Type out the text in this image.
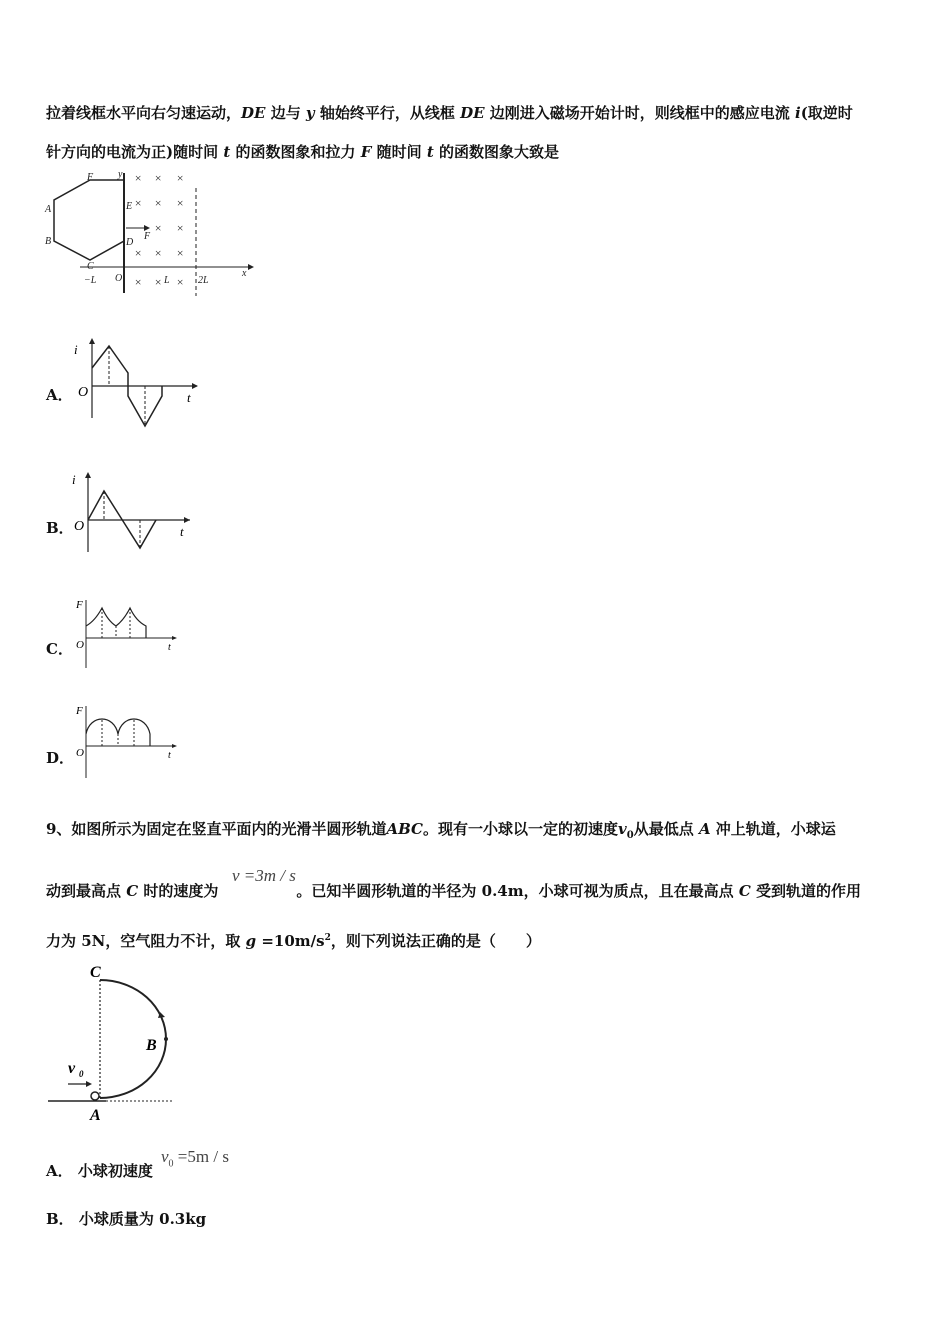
拉着线框水平向右匀速运动，DE 边与 y 轴始终平行，从线框 DE 边刚进入磁场开始计时，则线框中的感应电流 i(取逆时
针方向的电流为正)随时间 t 的函数图象和拉力 F 随时间 t 的函数图象大致是
× × ×
× × ×
× ×
× × ×
× × ×
F
A
B
C
E
D
y
x
O
F
−L	L	2L
A．
i
t
O
B．
i
t
O
C．
F
t
O
D．
F
t
O
9、如图所示为固定在竖直平面内的光滑半圆形轨道ABC。现有一小球以一定的初速度$v_0$从最低点 A 冲上轨道，小球运
动到最高点 C 时的速度为	。已知半圆形轨道的半径为 0.4m，小球可视为质点，且在最高点 C 受到轨道的作用
v =3m / s
力为 5N，空气阻力不计，取 $g =10m/s^2$，则下列说法正确的是（　　）
C
B
A
v 0
A． 小球初速度
$v_0 =5m / s$
B． 小球质量为 0.3kg
